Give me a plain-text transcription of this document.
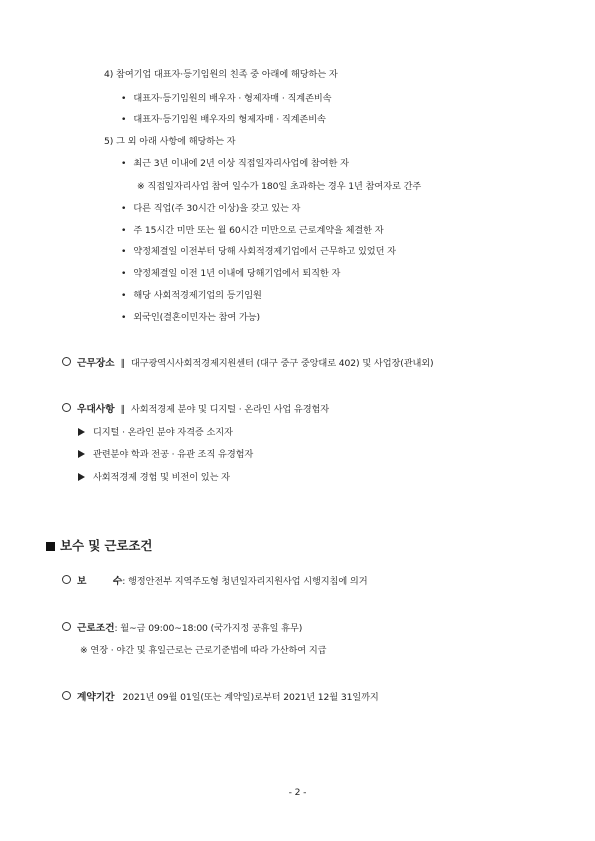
4) 참여기업 대표자·등기임원의 친족 중 아래에 해당하는 자
• 대표자·등기임원의 배우자 · 형제자매 · 직계존비속
• 대표자·등기임원 배우자의 형제자매 · 직계존비속
5) 그 외 아래 사항에 해당하는 자
• 최근 3년 이내에 2년 이상 직접일자리사업에 참여한 자
※ 직접일자리사업 참여 일수가 180일 초과하는 경우 1년 참여자로 간주
• 다른 직업(주 30시간 이상)을 갖고 있는 자
• 주 15시간 미만 또는 월 60시간 미만으로 근로계약을 체결한 자
• 약정체결일 이전부터 당해 사회적경제기업에서 근무하고 있었던 자
• 약정체결일 이전 1년 이내에 당해기업에서 퇴직한 자
• 해당 사회적경제기업의 등기임원
• 외국인(결혼이민자는 참여 가능)
근무장소 ∥ 대구광역시사회적경제지원센터 (대구 중구 중앙대로 402) 및 사업장(관내외)
우대사항 ∥ 사회적경제 분야 및 디지털 · 온라인 사업 유경험자
디지털 · 온라인 분야 자격증 소지자
관련분야 학과 전공 · 유관 조직 유경험자
사회적경제 경험 및 비전이 있는 자
보수 및 근로조건
보        수: 행정안전부 지역주도형 청년일자리지원사업 시행지침에 의거
근로조건: 월~금 09:00~18:00 (국가지정 공휴일 휴무)
※ 연장 · 야간 및 휴일근로는 근로기준법에 따라 가산하여 지급
계약기간 2021년 09월 01일(또는 계약일)로부터 2021년 12월 31일까지
- 2 -
